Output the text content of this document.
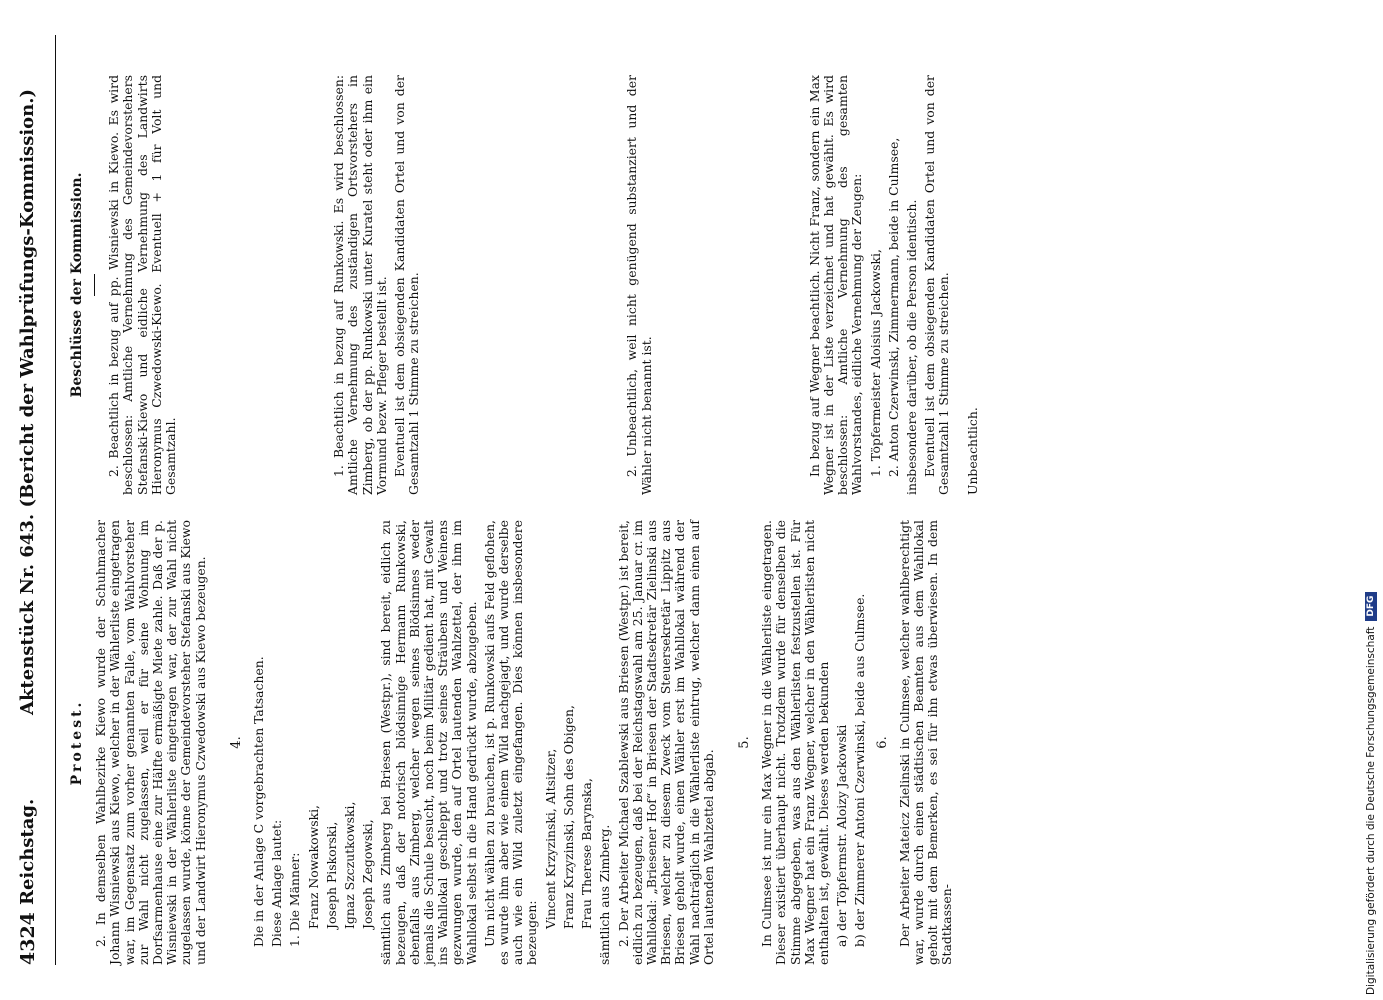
4324
Reichstag.
Aktenstück Nr. 643. (Bericht der Wahlprüfungs-Kommission.)
Protest. 2. In demselben Wahlbezirke Kiewo wurde der Schuhmacher Johann Wisniewski aus Kiewo, welcher in der Wählerliste eingetragen war, im Gegensatz zum vorher genannten Falle, vom Wahlvorsteher zur Wahl nicht zugelassen, weil er für seine Wohnung im Dorfsarmenhause eine zur Hälfte ermäßigte Miete zahle. Daß der p. Wisniewski in der Wählerliste eingetragen war, der zur Wahl nicht zugelassen wurde, könne der Gemeindevorsteher Stefanski aus Kiewo und der Landwirt Hieronymus Czwedowski aus Kiewo bezeugen. 4. Die in der Anlage C vorgebrachten Tatsachen. Diese Anlage lautet: 1. Die Männer: Franz Nowakowski, Joseph Piskorski, Ignaz Szczutkowski, Joseph Zegowski, sämtlich aus Zimberg bei Briesen (Westpr.), sind bereit, eidlich zu bezeugen, daß der notorisch blödsinnige Hermann Runkowski, ebenfalls aus Zimberg, welcher wegen seines Blödsinnes weder jemals die Schule besucht, noch beim Militär gedient hat, mit Gewalt ins Wahllokal geschleppt und trotz seines Sträubens und Weinens gezwungen wurde, den auf Ortel lautenden Wahlzettel, der ihm im Wahllokal selbst in die Hand gedrückt wurde, abzugeben. Um nicht wählen zu brauchen, ist p. Runkowski aufs Feld geflohen, es wurde ihm aber wie einem Wild nachgejagt, und wurde derselbe auch wie ein Wild zuletzt eingefangen. Dies können insbesondere bezeugen:

Vincent Krzyzinski, Altsitzer, Franz Krzyzinski, Sohn des Obigen, Frau Therese Barynska, sämtlich aus Zimberg. 2. Der Arbeiter Michael Szablewski aus Briesen (Westpr.) ist bereit, eidlich zu bezeugen, daß bei der Reichstagswahl am 25. Januar cr. im Wahllokal: „Briesener Hof“ in Briesen der Stadtsekretär Zielinski aus Briesen, welcher zu diesem Zweck vom Steuersekretär Lippitz aus Briesen geholt wurde, einen Wähler erst im Wahllokal während der Wahl nachträglich in die Wählerliste eintrug, welcher dann einen auf Ortel lautenden Wahlzettel abgab.

5. In Culmsee ist nur ein Max Wegner in die Wählerliste eingetragen. Dieser existiert überhaupt nicht. Trotzdem wurde für denselben die Stimme abgegeben, was aus den Wählerlisten festzustellen ist. Für Max Wegner hat ein Franz Wegner, welcher in den Wählerlisten nicht enthalten ist, gewählt. Dieses werden bekunden a) der Töpfermstr. Aloizy Jackowski b) der Zimmerer Antoni Czerwinski, beide aus Culmsee. 6. Der Arbeiter Mateicz Zielinski in Culmsee, welcher wahlberechtigt war, wurde durch einen städtischen Beamten aus dem Wahllokal geholt mit dem Bemerken, es sei für ihn etwas überwiesen. In dem Stadtkassen-

Beschlüsse der Kommission. 2. Beachtlich in bezug auf pp. Wisniewski in Kiewo. Es wird beschlossen: Amtliche Vernehmung des Gemeindevorstehers Stefanski-Kiewo und eidliche Vernehmung des Landwirts Hieronymus Czwedowski-Kiewo. Eventuell + 1 für Volt und Gesamtzahl.	1. Beachtlich in bezug auf Runkowski. Es wird beschlossen: Amtliche Vernehmung des zuständigen Ortsvorstehers in Zimberg, ob der pp. Runkowski unter Kuratel steht oder ihm ein Vormund bezw. Pfleger bestellt ist. Eventuell ist dem obsiegenden Kandidaten Ortel und von der Gesamtzahl 1 Stimme zu streichen.	2. Unbeachtlich, weil nicht genügend substanziert und der Wähler nicht benannt ist.	In bezug auf Wegner beachtlich. Nicht Franz, sondern ein Max Wegner ist in der Liste verzeichnet und hat gewählt. Es wird beschlossen: Amtliche Vernehmung des gesamten Wahlvorstandes, eidliche Vernehmung der Zeugen: 1. Töpfermeister Aloisius Jackowski, 2. Anton Czerwinski, Zimmermann, beide in Culmsee, insbesondere darüber, ob die Person identisch. Eventuell ist dem obsiegenden Kandidaten Ortel und von der Gesamtzahl 1 Stimme zu streichen. Unbeachtlich.

Digitalisierung gefördert durch die Deutsche Forschungsgemeinschaft
DFG
